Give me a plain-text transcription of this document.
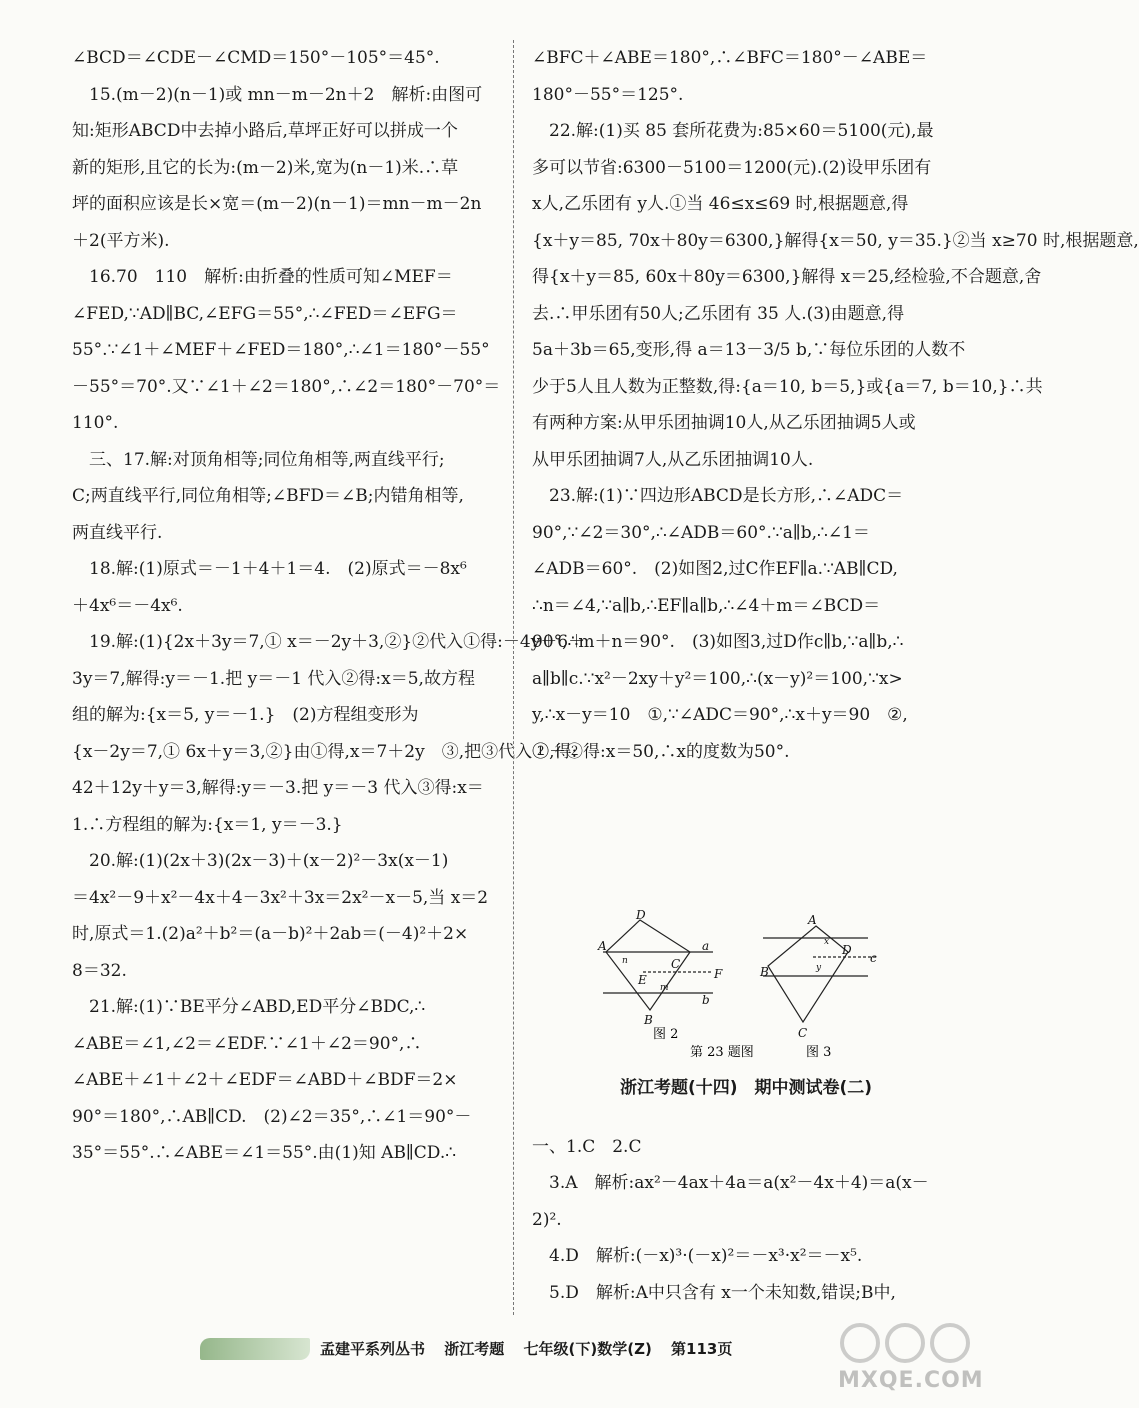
∠BCD＝∠CDE－∠CMD＝150°－105°＝45°.

　15.(m－2)(n－1)或 mn－m－2n＋2　解析:由图可

知:矩形ABCD中去掉小路后,草坪正好可以拼成一个

新的矩形,且它的长为:(m－2)米,宽为(n－1)米.∴草

坪的面积应该是长×宽＝(m－2)(n－1)＝mn－m－2n

＋2(平方米).

　16.70　110　解析:由折叠的性质可知∠MEF＝

∠FED,∵AD∥BC,∠EFG＝55°,∴∠FED＝∠EFG＝

55°.∵∠1＋∠MEF＋∠FED＝180°,∴∠1＝180°－55°

－55°＝70°.又∵∠1＋∠2＝180°,∴∠2＝180°－70°＝

110°.

　三、17.解:对顶角相等;同位角相等,两直线平行;

C;两直线平行,同位角相等;∠BFD＝∠B;内错角相等,

两直线平行.

　18.解:(1)原式＝－1＋4＋1＝4.　(2)原式＝－8x⁶

＋4x⁶＝－4x⁶.

　19.解:(1){2x＋3y＝7,① x＝－2y＋3,②}②代入①得:－4y＋6＋

3y＝7,解得:y＝－1.把 y＝－1 代入②得:x＝5,故方程

组的解为:{x＝5, y＝－1.}　(2)方程组变形为

{x－2y＝7,① 6x＋y＝3,②}由①得,x＝7＋2y　③,把③代入②,得:

42＋12y＋y＝3,解得:y＝－3.把 y＝－3 代入③得:x＝

1.∴方程组的解为:{x＝1, y＝－3.}

　20.解:(1)(2x＋3)(2x－3)＋(x－2)²－3x(x－1)

＝4x²－9＋x²－4x＋4－3x²＋3x＝2x²－x－5,当 x＝2

时,原式＝1.(2)a²＋b²＝(a－b)²＋2ab＝(－4)²＋2×

8＝32.

　21.解:(1)∵BE平分∠ABD,ED平分∠BDC,∴

∠ABE＝∠1,∠2＝∠EDF.∵∠1＋∠2＝90°,∴

∠ABE＋∠1＋∠2＋∠EDF＝∠ABD＋∠BDF＝2×

90°＝180°,∴AB∥CD.　(2)∠2＝35°,∴∠1＝90°－

35°＝55°.∴∠ABE＝∠1＝55°.由(1)知 AB∥CD.∴

∠BFC＋∠ABE＝180°,∴∠BFC＝180°－∠ABE＝

180°－55°＝125°.

　22.解:(1)买 85 套所花费为:85×60＝5100(元),最

多可以节省:6300－5100＝1200(元).(2)设甲乐团有

x人,乙乐团有 y人.①当 46≤x≤69 时,根据题意,得

{x＋y＝85, 70x＋80y＝6300,}解得{x＝50, y＝35.}②当 x≥70 时,根据题意,

得{x＋y＝85, 60x＋80y＝6300,}解得 x＝25,经检验,不合题意,舍

去.∴甲乐团有50人;乙乐团有 35 人.(3)由题意,得

5a＋3b＝65,变形,得 a＝13－3/5 b,∵每位乐团的人数不

少于5人且人数为正整数,得:{a＝10, b＝5,}或{a＝7, b＝10,}∴共

有两种方案:从甲乐团抽调10人,从乙乐团抽调5人或

从甲乐团抽调7人,从乙乐团抽调10人.

　23.解:(1)∵四边形ABCD是长方形,∴∠ADC＝

90°,∵∠2＝30°,∴∠ADB＝60°.∵a∥b,∴∠1＝

∠ADB＝60°.　(2)如图2,过C作EF∥a.∵AB∥CD,

∴n＝∠4,∵a∥b,∴EF∥a∥b,∴∠4＋m＝∠BCD＝

90°,∴m＋n＝90°.　(3)如图3,过D作c∥b,∵a∥b,∴

a∥b∥c.∵x²－2xy＋y²＝100,∴(x－y)²＝100,∵x>

y,∴x－y＝10　①,∵∠ADC＝90°,∴x＋y＝90　②,

①＋②得:x＝50,∴x的度数为50°.

浙江考题(十四)　期中测试卷(二)

一、1.C　2.C

　3.A　解析:ax²－4ax＋4a＝a(x²－4x＋4)＝a(x－

2)².

　4.D　解析:(－x)³·(－x)²＝－x³·x²＝－x⁵.

　5.D　解析:A中只含有 x一个未知数,错误;B中,

D
A
n
a
C
E
m
F
b
B
A
x
D
c
y
B
C
图 2
图 3
第 23 题图
孟建平系列丛书 浙江考题 七年级(下)数学(Z) 第113页
MXQE.COM
